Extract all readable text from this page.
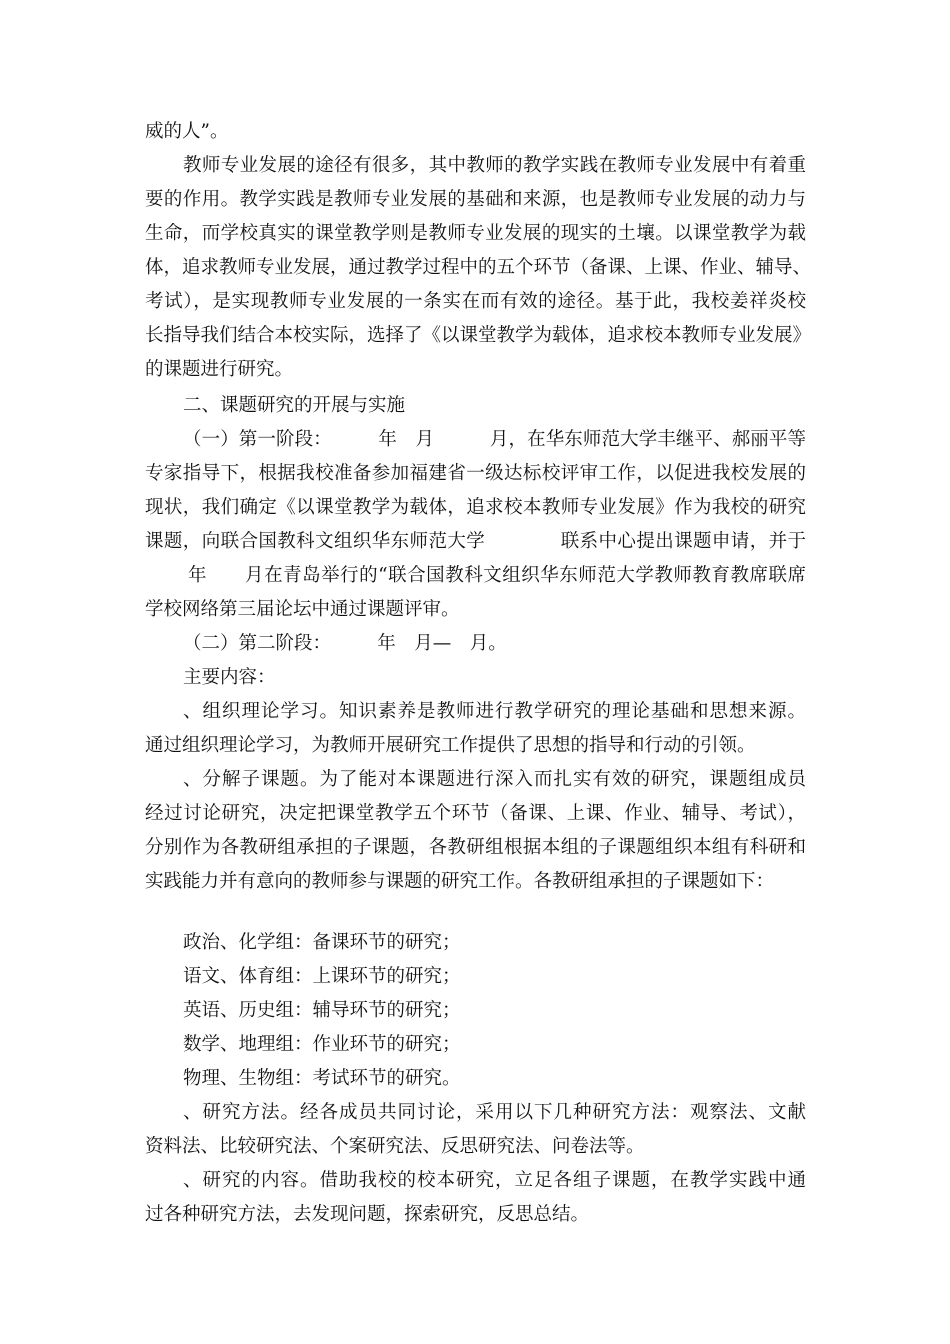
威的人”。

教师专业发展的途径有很多，其中教师的教学实践在教师专业发展中有着重

要的作用。教学实践是教师专业发展的基础和来源，也是教师专业发展的动力与

生命，而学校真实的课堂教学则是教师专业发展的现实的土壤。以课堂教学为载

体，追求教师专业发展，通过教学过程中的五个环节（备课、上课、作业、辅导、

考试），是实现教师专业发展的一条实在而有效的途径。基于此，我校姜祥炎校

长指导我们结合本校实际，选择了《以课堂教学为载体，追求校本教师专业发展》

的课题进行研究。

二、课题研究的开展与实施

（一）第一阶段：　　　年　月　　　月，在华东师范大学丰继平、郝丽平等

专家指导下，根据我校准备参加福建省一级达标校评审工作，以促进我校发展的

现状，我们确定《以课堂教学为载体，追求校本教师专业发展》作为我校的研究

课题，向联合国教科文组织华东师范大学　　　　联系中心提出课题申请，并于

年　　月在青岛举行的“联合国教科文组织华东师范大学教师教育教席联席

学校网络第三届论坛中通过课题评审。

（二）第二阶段：　　　年　月—　月。

主要内容：

、组织理论学习。知识素养是教师进行教学研究的理论基础和思想来源。

通过组织理论学习，为教师开展研究工作提供了思想的指导和行动的引领。

、分解子课题。为了能对本课题进行深入而扎实有效的研究，课题组成员

经过讨论研究，决定把课堂教学五个环节（备课、上课、作业、辅导、考试），

分别作为各教研组承担的子课题，各教研组根据本组的子课题组织本组有科研和

实践能力并有意向的教师参与课题的研究工作。各教研组承担的子课题如下：

政治、化学组：备课环节的研究；

语文、体育组：上课环节的研究；

英语、历史组：辅导环节的研究；

数学、地理组：作业环节的研究；

物理、生物组：考试环节的研究。

、研究方法。经各成员共同讨论，采用以下几种研究方法：观察法、文献

资料法、比较研究法、个案研究法、反思研究法、问卷法等。

、研究的内容。借助我校的校本研究，立足各组子课题，在教学实践中通

过各种研究方法，去发现问题，探索研究，反思总结。
